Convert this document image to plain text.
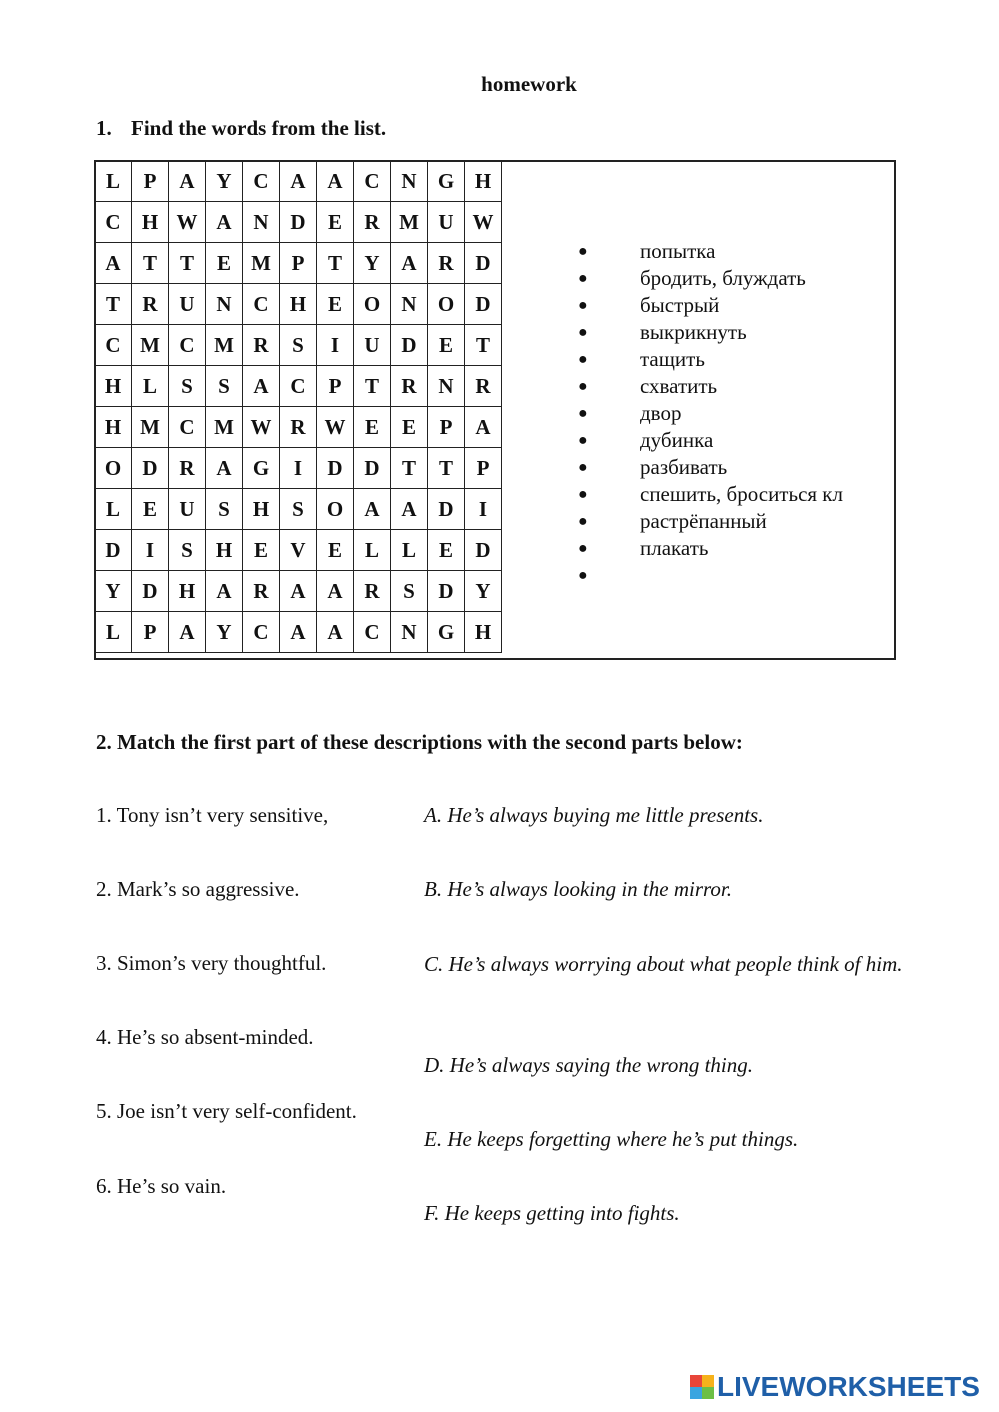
homework
1. Find the words from the list.
L	P	A	Y	C	A	A	C	N	G	H
C	H	W	A	N	D	E	R	M	U	W
A	T	T	E	M	P	T	Y	A	R	D
T	R	U	N	C	H	E	O	N	O	D
C	M	C	M	R	S	I	U	D	E	T
H	L	S	S	A	C	P	T	R	N	R
H	M	C	M	W	R	W	E	E	P	A
O	D	R	A	G	I	D	D	T	T	P
L	E	U	S	H	S	O	A	A	D	I
D	I	S	H	E	V	E	L	L	E	D
Y	D	H	A	R	A	A	R	S	D	Y
L	P	A	Y	C	A	A	C	N	G	H
● попытка
● бродить, блуждать
● быстрый
● выкрикнуть
● тащить
● схватить
● двор
● дубинка
● разбивать
● спешить, броситься кл
● растрёпанный
● плакать
●
2. Match the first part of these descriptions with the second parts below:
1. Tony isn’t very sensitive,
2. Mark’s so aggressive.
3. Simon’s very thoughtful.
4. He’s so absent-minded.
5. Joe isn’t very self-confident.
6. He’s so vain.
A. He’s always buying me little presents.
B. He’s always looking in the mirror.
C. He’s always worrying about what people think of him.
D. He’s always saying the wrong thing.
E. He keeps forgetting where he’s put things.
F. He keeps getting into fights.
LIVEWORKSHEETS
